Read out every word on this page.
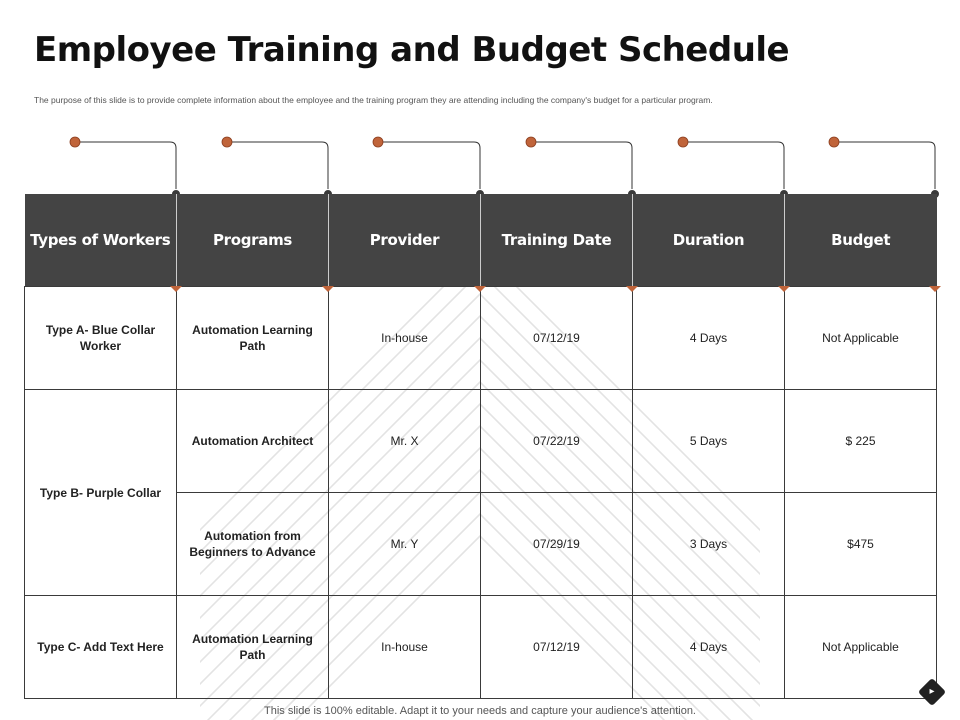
Employee Training and Budget Schedule

The purpose of this slide is to provide complete information about the employee and the training program they are attending including the company's budget for a particular program.

Types of Workers	Programs	Provider	Training Date	Duration	Budget
Type A- Blue Collar Worker	Automation Learning Path	In-house	07/12/19	4 Days	Not Applicable
Type B- Purple Collar	Automation Architect	Mr. X	07/22/19	5 Days	$ 225
	Automation from Beginners to Advance	Mr. Y	07/29/19	3 Days	$475
Type C- Add Text Here	Automation Learning Path	In-house	07/12/19	4 Days	Not Applicable

This slide is 100% editable. Adapt it to your needs and capture your audience's attention.

▸
